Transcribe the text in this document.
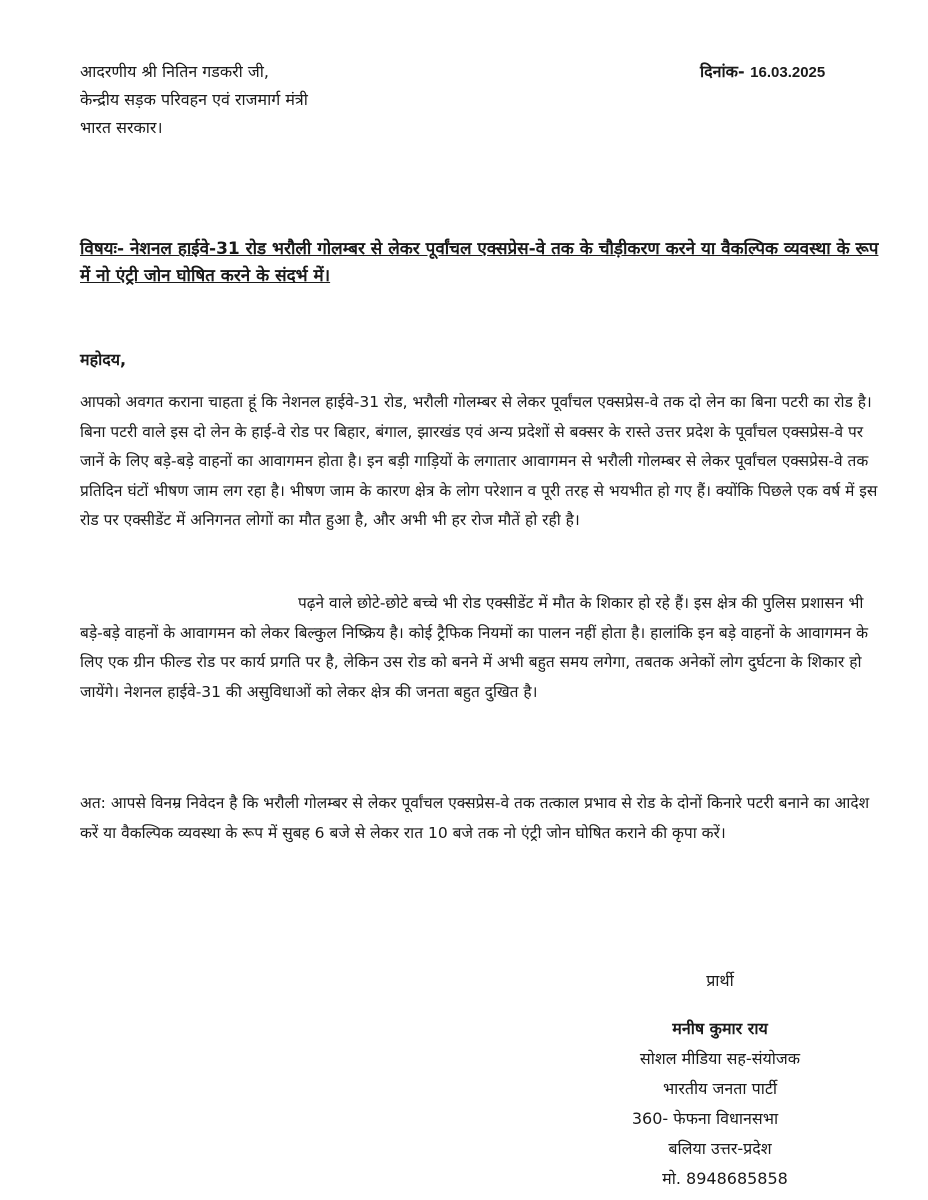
आदरणीय श्री नितिन गडकरी जी,
केन्द्रीय सड़क परिवहन एवं राजमार्ग मंत्री
भारत सरकार।
दिनांक- 16.03.2025
विषयः- नेशनल हाईवे-31 रोड भरौली गोलम्बर से लेकर पूर्वांचल एक्सप्रेस-वे तक के चौड़ीकरण करने या वैकल्पिक व्यवस्था के रूप में नो एंट्री जोन घोषित करने के संदर्भ में।
महोदय,
आपको अवगत कराना चाहता हूं कि नेशनल हाईवे-31 रोड, भरौली गोलम्बर से लेकर पूर्वांचल एक्सप्रेस-वे तक दो लेन का बिना पटरी का रोड है। बिना पटरी वाले इस दो लेन के हाई-वे रोड पर बिहार, बंगाल, झारखंड एवं अन्य प्रदेशों से बक्सर के रास्ते उत्तर प्रदेश के पूर्वांचल एक्सप्रेस-वे पर जानें के लिए बड़े-बड़े वाहनों का आवागमन होता है। इन बड़ी गाड़ियों के लगातार आवागमन से भरौली गोलम्बर से लेकर पूर्वांचल एक्सप्रेस-वे तक प्रतिदिन घंटों भीषण जाम लग रहा है। भीषण जाम के कारण क्षेत्र के लोग परेशान व पूरी तरह से भयभीत हो गए हैं। क्योंकि पिछले एक वर्ष में इस रोड पर एक्सीडेंट में अनिगनत लोगों का मौत हुआ है, और अभी भी हर रोज मौतें हो रही है।
पढ़ने वाले छोटे-छोटे बच्चे भी रोड एक्सीडेंट में मौत के शिकार हो रहे हैं। इस क्षेत्र की पुलिस प्रशासन भी बड़े-बड़े वाहनों के आवागमन को लेकर बिल्कुल निष्क्रिय है। कोई ट्रैफिक नियमों का पालन नहीं होता है। हालांकि इन बड़े वाहनों के आवागमन के लिए एक ग्रीन फील्ड रोड पर कार्य प्रगति पर है, लेकिन उस रोड को बनने में अभी बहुत समय लगेगा, तबतक अनेकों लोग दुर्घटना के शिकार हो जायेंगे। नेशनल हाईवे-31 की असुविधाओं को लेकर क्षेत्र की जनता बहुत दुखित है।
अत: आपसे विनम्र निवेदन है कि भरौली गोलम्बर से लेकर पूर्वांचल एक्सप्रेस-वे तक तत्काल प्रभाव से रोड के दोनों किनारे पटरी बनाने का आदेश करें या वैकल्पिक व्यवस्था के रूप में सुबह 6 बजे से लेकर रात 10 बजे तक नो एंट्री जोन घोषित कराने की कृपा करें।
प्रार्थी
मनीष कुमार राय
सोशल मीडिया सह-संयोजक
भारतीय जनता पार्टी
360- फेफना विधानसभा
बलिया उत्तर-प्रदेश
मो. 8948685858
